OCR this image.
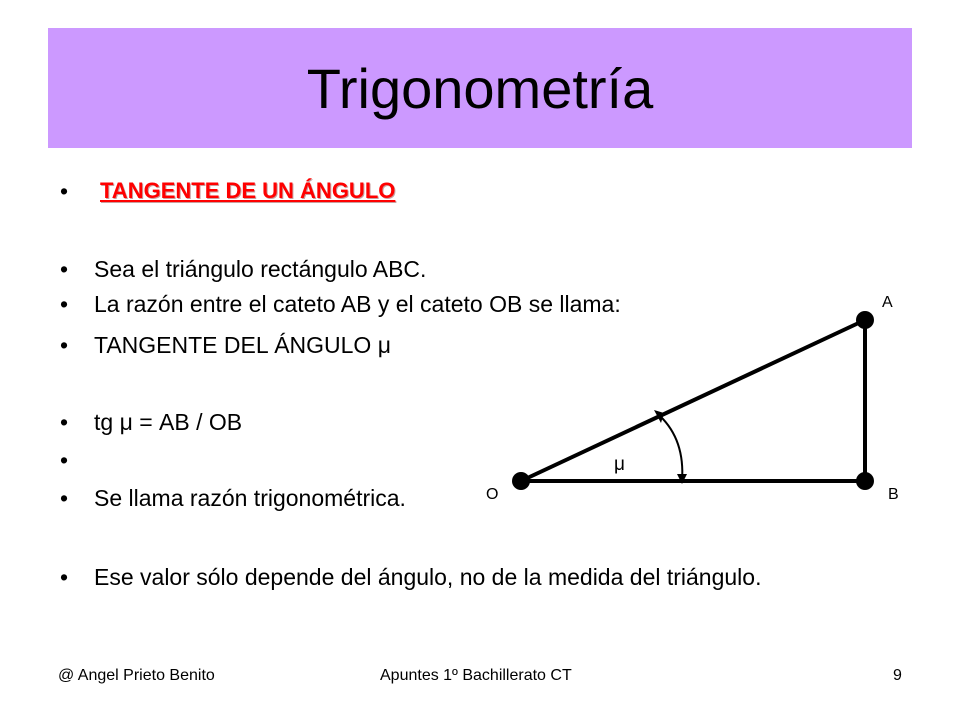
Trigonometría
• TANGENTE DE UN ÁNGULO
• Sea el triángulo rectángulo ABC.
• La razón entre el cateto AB y el cateto OB se llama:
• TANGENTE DEL ÁNGULO μ
• tg μ = AB / OB
•
• Se llama razón trigonométrica.
• Ese valor sólo depende del ángulo, no de la medida del triángulo.
A
B
O
μ
@ Angel Prieto Benito	Apuntes 1º Bachillerato CT	9
